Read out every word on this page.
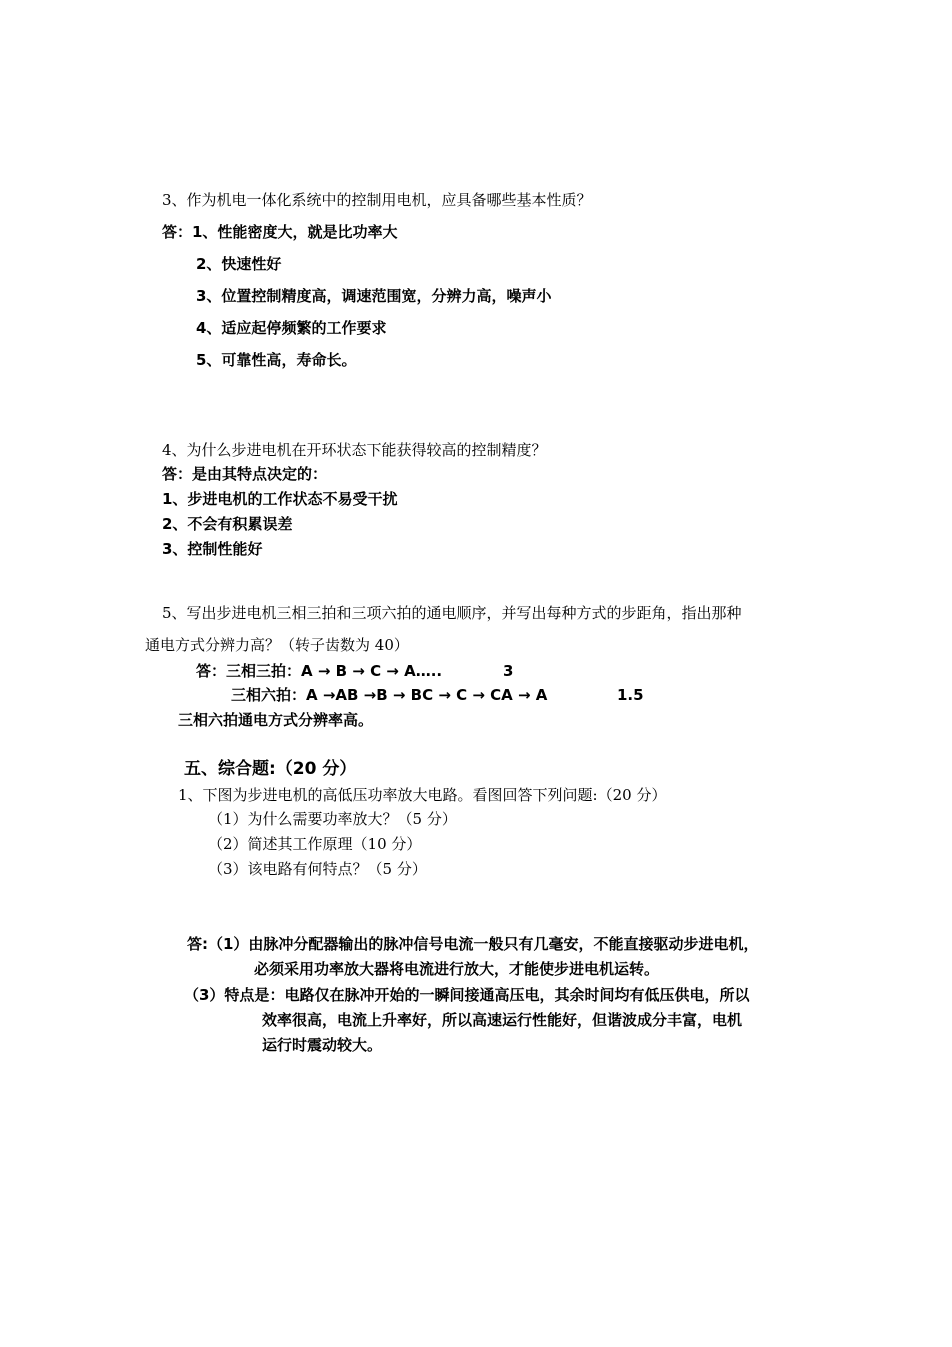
3、作为机电一体化系统中的控制用电机，应具备哪些基本性质？
答：1、性能密度大，就是比功率大
2、快速性好
3、位置控制精度高，调速范围宽，分辨力高，噪声小
4、适应起停频繁的工作要求
5、可靠性高，寿命长。
4、为什么步进电机在开环状态下能获得较高的控制精度？
答：是由其特点决定的：
1、步进电机的工作状态不易受干扰
2、不会有积累误差
3、控制性能好
5、写出步进电机三相三拍和三项六拍的通电顺序，并写出每种方式的步距角，指出那种
通电方式分辨力高？（转子齿数为 40）
答：三相三拍：A → B → C → A…..	3
三相六拍：A →AB →B → BC → C → CA → A	1.5
三相六拍通电方式分辨率高。
五、综合题:（20 分）
1、下图为步进电机的高低压功率放大电路。看图回答下列问题:（20 分）
（1）为什么需要功率放大？（5 分）
（2）简述其工作原理（10 分）
（3）该电路有何特点？（5 分）
答:（1）由脉冲分配器输出的脉冲信号电流一般只有几毫安，不能直接驱动步进电机，
必须采用功率放大器将电流进行放大，才能使步进电机运转。
（3）特点是：电路仅在脉冲开始的一瞬间接通高压电，其余时间均有低压供电，所以
效率很高，电流上升率好，所以高速运行性能好，但谐波成分丰富，电机
运行时震动较大。
